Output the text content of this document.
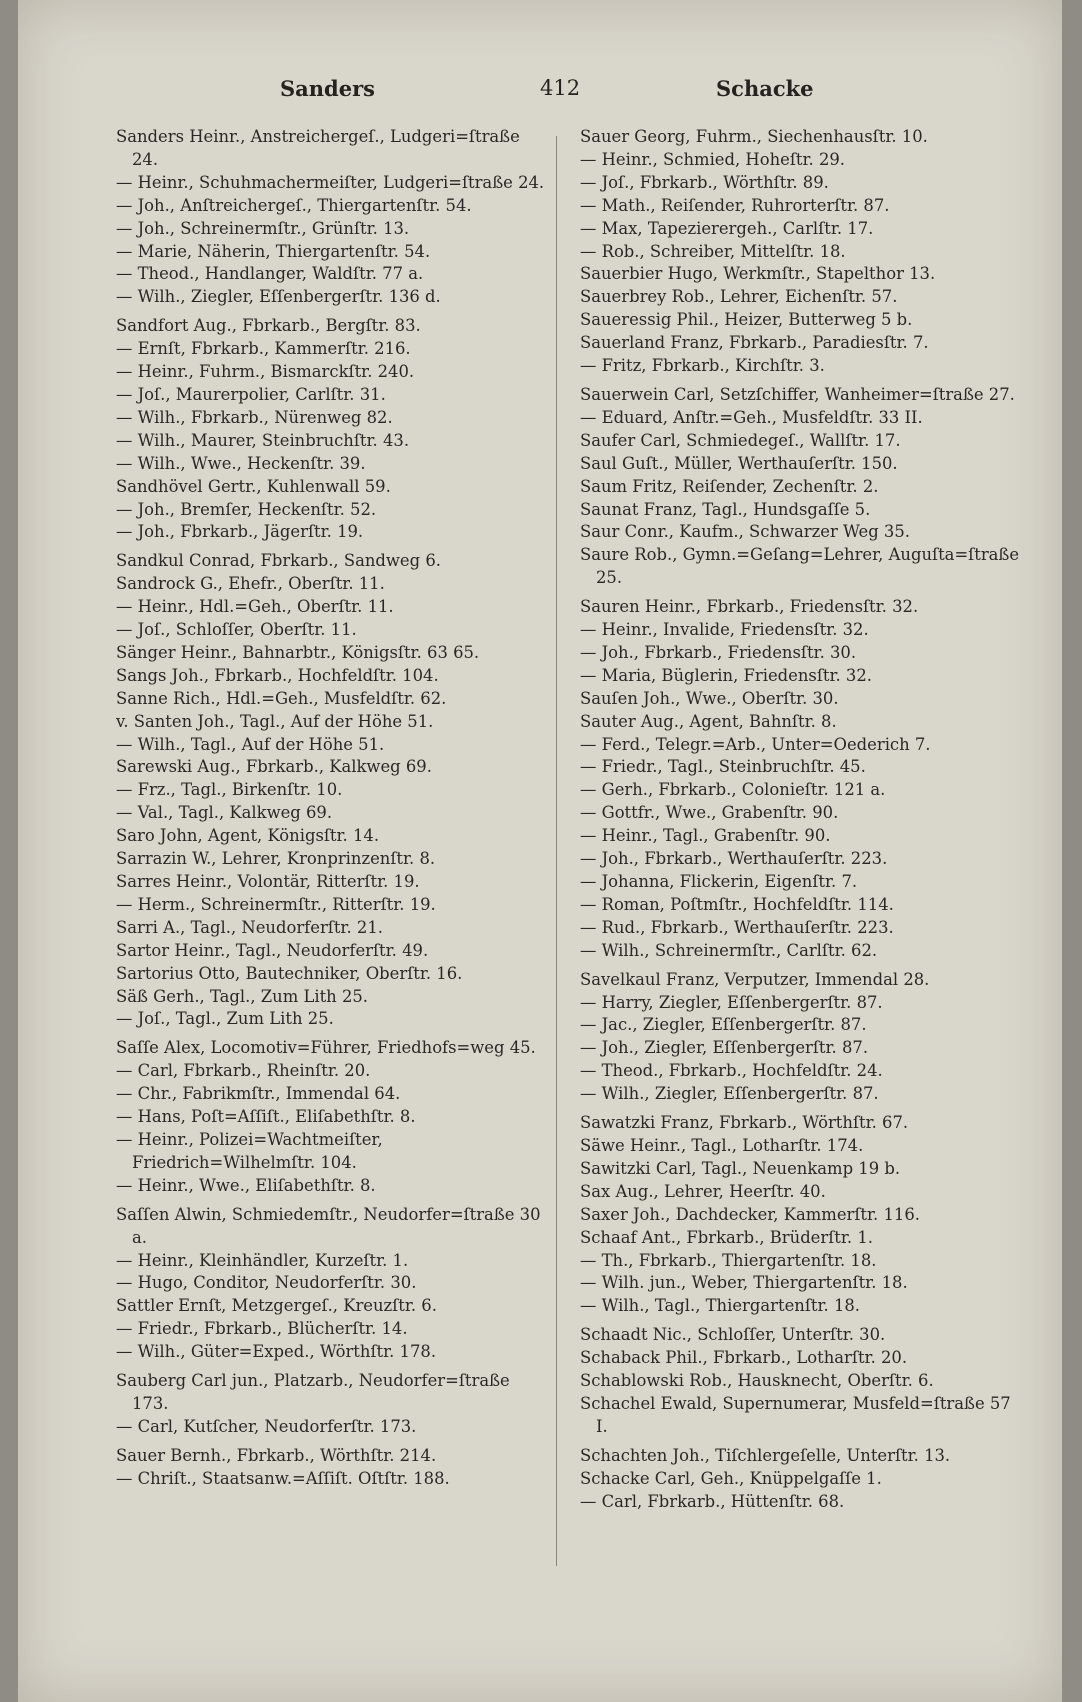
Sanders	412	Schacke
Sanders Heinr., Anstreichergeſ., Ludgeri=ſtraße 24.
— Heinr., Schuhmachermeiſter, Ludgeri=ſtraße 24.
— Joh., Anſtreichergeſ., Thiergartenſtr. 54.
— Joh., Schreinermſtr., Grünſtr. 13.
— Marie, Näherin, Thiergartenſtr. 54.
— Theod., Handlanger, Waldſtr. 77 a.
— Wilh., Ziegler, Eſſenbergerſtr. 136 d.
Sandfort Aug., Fbrkarb., Bergſtr. 83.
— Ernſt, Fbrkarb., Kammerſtr. 216.
— Heinr., Fuhrm., Bismarckſtr. 240.
— Joſ., Maurerpolier, Carlſtr. 31.
— Wilh., Fbrkarb., Nürenweg 82.
— Wilh., Maurer, Steinbruchſtr. 43.
— Wilh., Wwe., Heckenſtr. 39.
Sandhövel Gertr., Kuhlenwall 59.
— Joh., Bremſer, Heckenſtr. 52.
— Joh., Fbrkarb., Jägerſtr. 19.
Sandkul Conrad, Fbrkarb., Sandweg 6.
Sandrock G., Ehefr., Oberſtr. 11.
— Heinr., Hdl.=Geh., Oberſtr. 11.
— Joſ., Schloſſer, Oberſtr. 11.
Sänger Heinr., Bahnarbtr., Königsſtr. 63 65.
Sangs Joh., Fbrkarb., Hochfeldſtr. 104.
Sanne Rich., Hdl.=Geh., Musfeldſtr. 62.
v. Santen Joh., Tagl., Auf der Höhe 51.
— Wilh., Tagl., Auf der Höhe 51.
Sarewski Aug., Fbrkarb., Kalkweg 69.
— Frz., Tagl., Birkenſtr. 10.
— Val., Tagl., Kalkweg 69.
Saro John, Agent, Königsſtr. 14.
Sarrazin W., Lehrer, Kronprinzenſtr. 8.
Sarres Heinr., Volontär, Ritterſtr. 19.
— Herm., Schreinermſtr., Ritterſtr. 19.
Sarri A., Tagl., Neudorferſtr. 21.
Sartor Heinr., Tagl., Neudorferſtr. 49.
Sartorius Otto, Bautechniker, Oberſtr. 16.
Säß Gerh., Tagl., Zum Lith 25.
— Joſ., Tagl., Zum Lith 25.
Saſſe Alex, Locomotiv=Führer, Friedhofs=weg 45.
— Carl, Fbrkarb., Rheinſtr. 20.
— Chr., Fabrikmſtr., Immendal 64.
— Hans, Poſt=Aſſiſt., Eliſabethſtr. 8.
— Heinr., Polizei=Wachtmeiſter, Friedrich=Wilhelmſtr. 104.
— Heinr., Wwe., Eliſabethſtr. 8.
Saſſen Alwin, Schmiedemſtr., Neudorfer=ſtraße 30 a.
— Heinr., Kleinhändler, Kurzeſtr. 1.
— Hugo, Conditor, Neudorferſtr. 30.
Sattler Ernſt, Metzgergeſ., Kreuzſtr. 6.
— Friedr., Fbrkarb., Blücherſtr. 14.
— Wilh., Güter=Exped., Wörthſtr. 178.
Sauberg Carl jun., Platzarb., Neudorfer=ſtraße 173.
— Carl, Kutſcher, Neudorferſtr. 173.
Sauer Bernh., Fbrkarb., Wörthſtr. 214.
— Chriſt., Staatsanw.=Aſſiſt. Oſtſtr. 188.
Sauer Georg, Fuhrm., Siechenhausſtr. 10.
— Heinr., Schmied, Hoheſtr. 29.
— Joſ., Fbrkarb., Wörthſtr. 89.
— Math., Reiſender, Ruhrorterſtr. 87.
— Max, Tapezierergeh., Carlſtr. 17.
— Rob., Schreiber, Mittelſtr. 18.
Sauerbier Hugo, Werkmſtr., Stapelthor 13.
Sauerbrey Rob., Lehrer, Eichenſtr. 57.
Saueressig Phil., Heizer, Butterweg 5 b.
Sauerland Franz, Fbrkarb., Paradiesſtr. 7.
— Fritz, Fbrkarb., Kirchſtr. 3.
Sauerwein Carl, Setzſchiffer, Wanheimer=ſtraße 27.
— Eduard, Anſtr.=Geh., Musfeldſtr. 33 II.
Saufer Carl, Schmiedegeſ., Wallſtr. 17.
Saul Guſt., Müller, Werthauſerſtr. 150.
Saum Fritz, Reiſender, Zechenſtr. 2.
Saunat Franz, Tagl., Hundsgaſſe 5.
Saur Conr., Kaufm., Schwarzer Weg 35.
Saure Rob., Gymn.=Geſang=Lehrer, Auguſta=ſtraße 25.
Sauren Heinr., Fbrkarb., Friedensſtr. 32.
— Heinr., Invalide, Friedensſtr. 32.
— Joh., Fbrkarb., Friedensſtr. 30.
— Maria, Büglerin, Friedensſtr. 32.
Sauſen Joh., Wwe., Oberſtr. 30.
Sauter Aug., Agent, Bahnſtr. 8.
— Ferd., Telegr.=Arb., Unter=Oederich 7.
— Friedr., Tagl., Steinbruchſtr. 45.
— Gerh., Fbrkarb., Colonieſtr. 121 a.
— Gottfr., Wwe., Grabenſtr. 90.
— Heinr., Tagl., Grabenſtr. 90.
— Joh., Fbrkarb., Werthauſerſtr. 223.
— Johanna, Flickerin, Eigenſtr. 7.
— Roman, Poſtmſtr., Hochfeldſtr. 114.
— Rud., Fbrkarb., Werthauſerſtr. 223.
— Wilh., Schreinermſtr., Carlſtr. 62.
Savelkaul Franz, Verputzer, Immendal 28.
— Harry, Ziegler, Eſſenbergerſtr. 87.
— Jac., Ziegler, Eſſenbergerſtr. 87.
— Joh., Ziegler, Eſſenbergerſtr. 87.
— Theod., Fbrkarb., Hochfeldſtr. 24.
— Wilh., Ziegler, Eſſenbergerſtr. 87.
Sawatzki Franz, Fbrkarb., Wörthſtr. 67.
Säwe Heinr., Tagl., Lotharſtr. 174.
Sawitzki Carl, Tagl., Neuenkamp 19 b.
Sax Aug., Lehrer, Heerſtr. 40.
Saxer Joh., Dachdecker, Kammerſtr. 116.
Schaaf Ant., Fbrkarb., Brüderſtr. 1.
— Th., Fbrkarb., Thiergartenſtr. 18.
— Wilh. jun., Weber, Thiergartenſtr. 18.
— Wilh., Tagl., Thiergartenſtr. 18.
Schaadt Nic., Schloſſer, Unterſtr. 30.
Schaback Phil., Fbrkarb., Lotharſtr. 20.
Schablowski Rob., Hausknecht, Oberſtr. 6.
Schachel Ewald, Supernumerar, Musfeld=ſtraße 57 I.
Schachten Joh., Tiſchlergeſelle, Unterſtr. 13.
Schacke Carl, Geh., Knüppelgaſſe 1.
— Carl, Fbrkarb., Hüttenſtr. 68.
